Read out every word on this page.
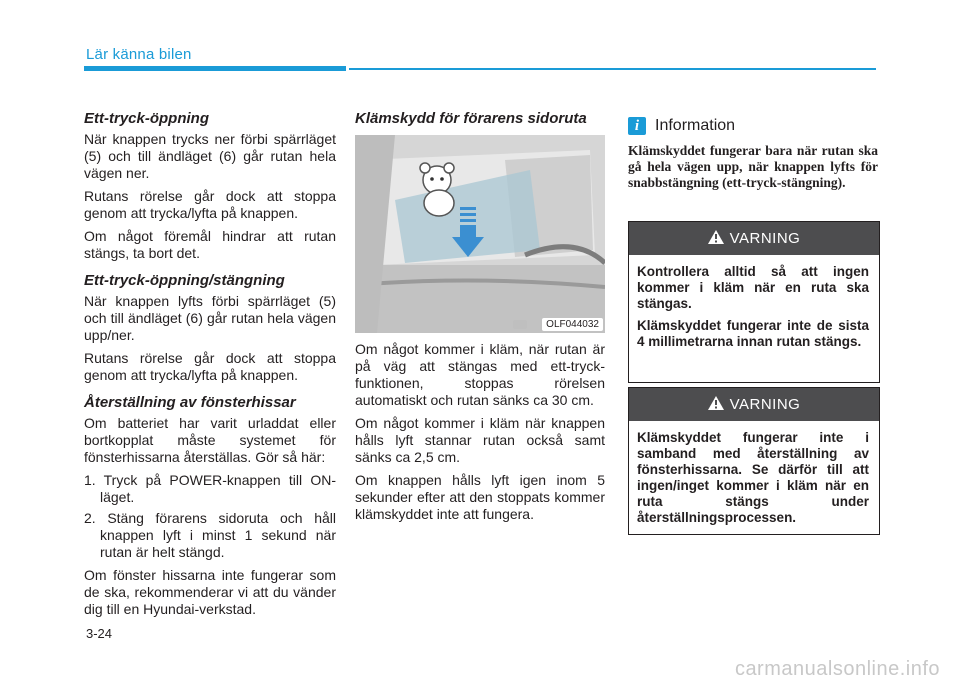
Lär känna bilen
Ett-tryck-öppning

När knappen trycks ner förbi spärrläget (5) och till ändläget (6) går rutan hela vägen ner.

Rutans rörelse går dock att stoppa genom att trycka/lyfta på knappen.

Om något föremål hindrar att rutan stängs, ta bort det.

Ett-tryck-öppning/stängning

När knappen lyfts förbi spärrläget (5) och till ändläget (6) går rutan hela vägen upp/ner.

Rutans rörelse går dock att stoppa genom att trycka/lyfta på knappen.

Återställning av fönsterhissar

Om batteriet har varit urladdat eller bortkopplat måste systemet för fönsterhissarna återställas. Gör så här:

1. Tryck på POWER-knappen till ON-läget.
2. Stäng förarens sidoruta och håll knappen lyft i minst 1 sekund när rutan är helt stängd.

Om fönster hissarna inte fungerar som de ska, rekommenderar vi att du vänder dig till en Hyundai-verkstad.

Klämskydd för förarens sidoruta
OLF044032

Om något kommer i kläm, när rutan är på väg att stängas med ett-tryck-funktionen, stoppas rörelsen automatiskt och rutan sänks ca 30 cm.

Om något kommer i kläm när knappen hålls lyft stannar rutan också samt sänks ca 2,5 cm.

Om knappen hålls lyft igen inom 5 sekunder efter att den stoppats kommer klämskyddet inte att fungera.

i Information

Klämskyddet fungerar bara när rutan ska gå hela vägen upp, när knappen lyfts för snabbstängning (ett-tryck-stängning).

VARNING

Kontrollera alltid så att ingen kommer i kläm när en ruta ska stängas.

Klämskyddet fungerar inte de sista 4 millimetrarna innan rutan stängs.

VARNING

Klämskyddet fungerar inte i samband med återställning av fönsterhissarna. Se därför till att ingen/inget kommer i kläm när en ruta stängs under återställningsprocessen.

3-24
carmanualsonline.info
